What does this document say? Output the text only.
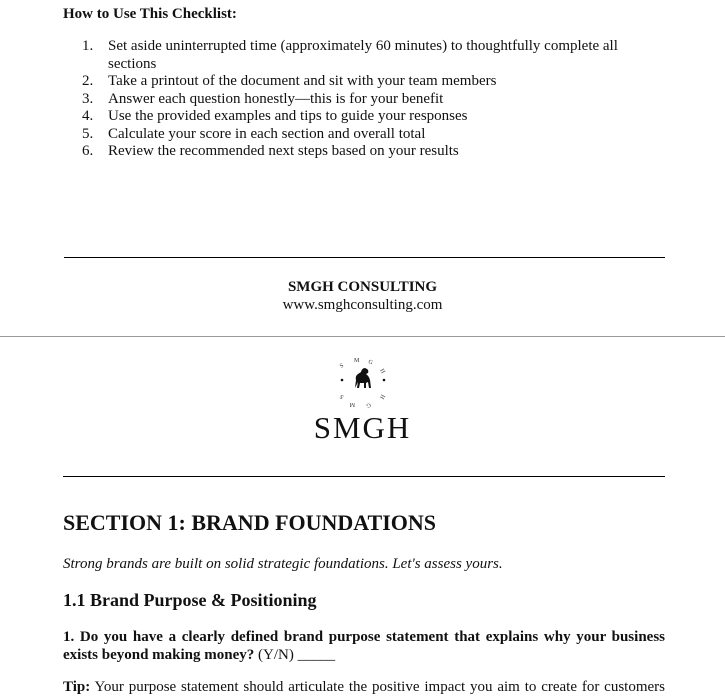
How to Use This Checklist:
1. Set aside uninterrupted time (approximately 60 minutes) to thoughtfully complete all sections
2. Take a printout of the document and sit with your team members
3. Answer each question honestly—this is for your benefit
4. Use the provided examples and tips to guide your responses
5. Calculate your score in each section and overall total
6. Review the recommended next steps based on your results
SMGH CONSULTING
www.smghconsulting.com
S
M G
H
S
M G
H
SMGH
SECTION 1: BRAND FOUNDATIONS
Strong brands are built on solid strategic foundations. Let's assess yours.
1.1 Brand Purpose & Positioning
1. Do you have a clearly defined brand purpose statement that explains why your business exists beyond making money? (Y/N) _____
Tip: Your purpose statement should articulate the positive impact you aim to create for customers
